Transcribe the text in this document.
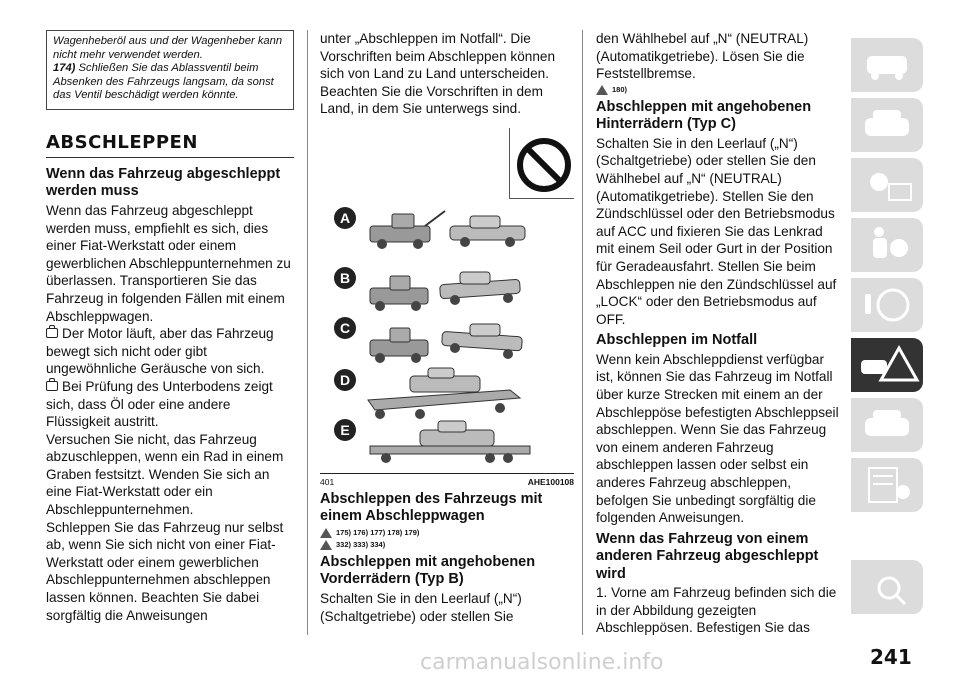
Wagenheberöl aus und der Wagenheber kann nicht mehr verwendet werden.
174) Schließen Sie das Ablassventil beim Absenken des Fahrzeugs langsam, da sonst das Ventil beschädigt werden könnte.
ABSCHLEPPEN
Wenn das Fahrzeug abgeschleppt werden muss

Wenn das Fahrzeug abgeschleppt werden muss, empfiehlt es sich, dies einer Fiat-Werkstatt oder einem gewerblichen Abschleppunternehmen zu überlassen. Transportieren Sie das Fahrzeug in folgenden Fällen mit einem Abschleppwagen.

Der Motor läuft, aber das Fahrzeug bewegt sich nicht oder gibt ungewöhnliche Geräusche von sich.

Bei Prüfung des Unterbodens zeigt sich, dass Öl oder eine andere Flüssigkeit austritt.

Versuchen Sie nicht, das Fahrzeug abzuschleppen, wenn ein Rad in einem Graben festsitzt. Wenden Sie sich an eine Fiat-Werkstatt oder ein Abschleppunternehmen.

Schleppen Sie das Fahrzeug nur selbst ab, wenn Sie sich nicht von einer Fiat-Werkstatt oder einem gewerblichen Abschleppunternehmen abschleppen lassen können. Beachten Sie dabei sorgfältig die Anweisungen

unter „Abschleppen im Notfall“. Die Vorschriften beim Abschleppen können sich von Land zu Land unterscheiden. Beachten Sie die Vorschriften in dem Land, in dem Sie unterwegs sind.

A
B
C
D
E
401	AHE100108
Abschleppen des Fahrzeugs mit einem Abschleppwagen
175) 176) 177) 178) 179)
332) 333) 334)
Abschleppen mit angehobenen Vorderrädern (Typ B)

Schalten Sie in den Leerlauf („N“) (Schaltgetriebe) oder stellen Sie

den Wählhebel auf „N“ (NEUTRAL) (Automatikgetriebe). Lösen Sie die Feststellbremse.

180)
Abschleppen mit angehobenen Hinterrädern (Typ C)

Schalten Sie in den Leerlauf („N“) (Schaltgetriebe) oder stellen Sie den Wählhebel auf „N“ (NEUTRAL) (Automatikgetriebe). Stellen Sie den Zündschlüssel oder den Betriebsmodus auf ACC und fixieren Sie das Lenkrad mit einem Seil oder Gurt in der Position für Geradeausfahrt. Stellen Sie beim Abschleppen nie den Zündschlüssel auf „LOCK“ oder den Betriebsmodus auf OFF.

Abschleppen im Notfall

Wenn kein Abschleppdienst verfügbar ist, können Sie das Fahrzeug im Notfall über kurze Strecken mit einem an der Abschleppöse befestigten Abschleppseil abschleppen. Wenn Sie das Fahrzeug von einem anderen Fahrzeug abschleppen lassen oder selbst ein anderes Fahrzeug abschleppen, befolgen Sie unbedingt sorgfältig die folgenden Anweisungen.

Wenn das Fahrzeug von einem anderen Fahrzeug abgeschleppt wird

1. Vorne am Fahrzeug befinden sich die in der Abbildung gezeigten Abschleppösen. Befestigen Sie das

241
carmanualsonline.info
